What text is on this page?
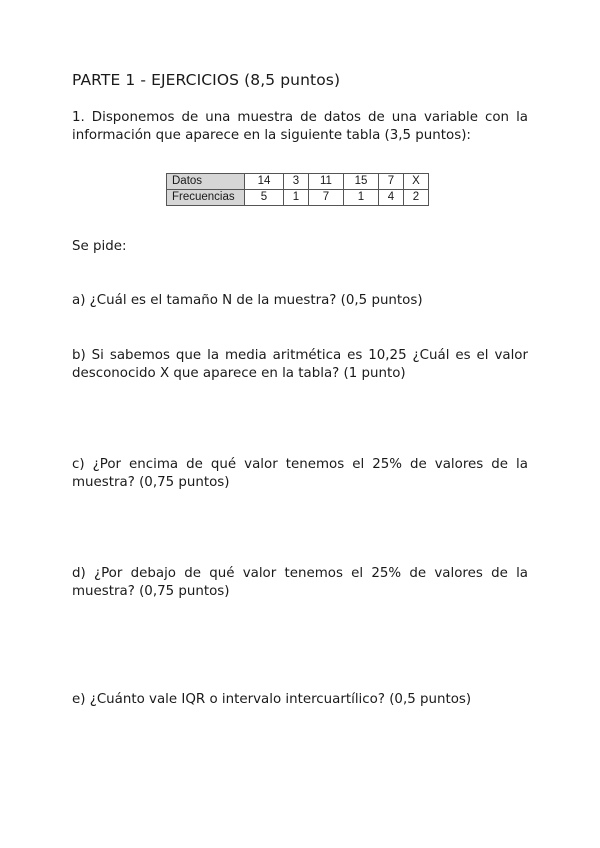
PARTE 1 - EJERCICIOS (8,5 puntos)
1. Disponemos de una muestra de datos de una variable con la información que aparece en la siguiente tabla (3,5 puntos):
Datos	14	3	11	15	7	X
Frecuencias	5	1	7	1	4	2
Se pide:
a) ¿Cuál es el tamaño N de la muestra? (0,5 puntos)
b) Si sabemos que la media aritmética es 10,25 ¿Cuál es el valor desconocido X que aparece en la tabla? (1 punto)
c) ¿Por encima de qué valor tenemos el 25% de valores de la muestra? (0,75 puntos)
d) ¿Por debajo de qué valor tenemos el 25% de valores de la muestra? (0,75 puntos)
e) ¿Cuánto vale IQR o intervalo intercuartílico? (0,5 puntos)
